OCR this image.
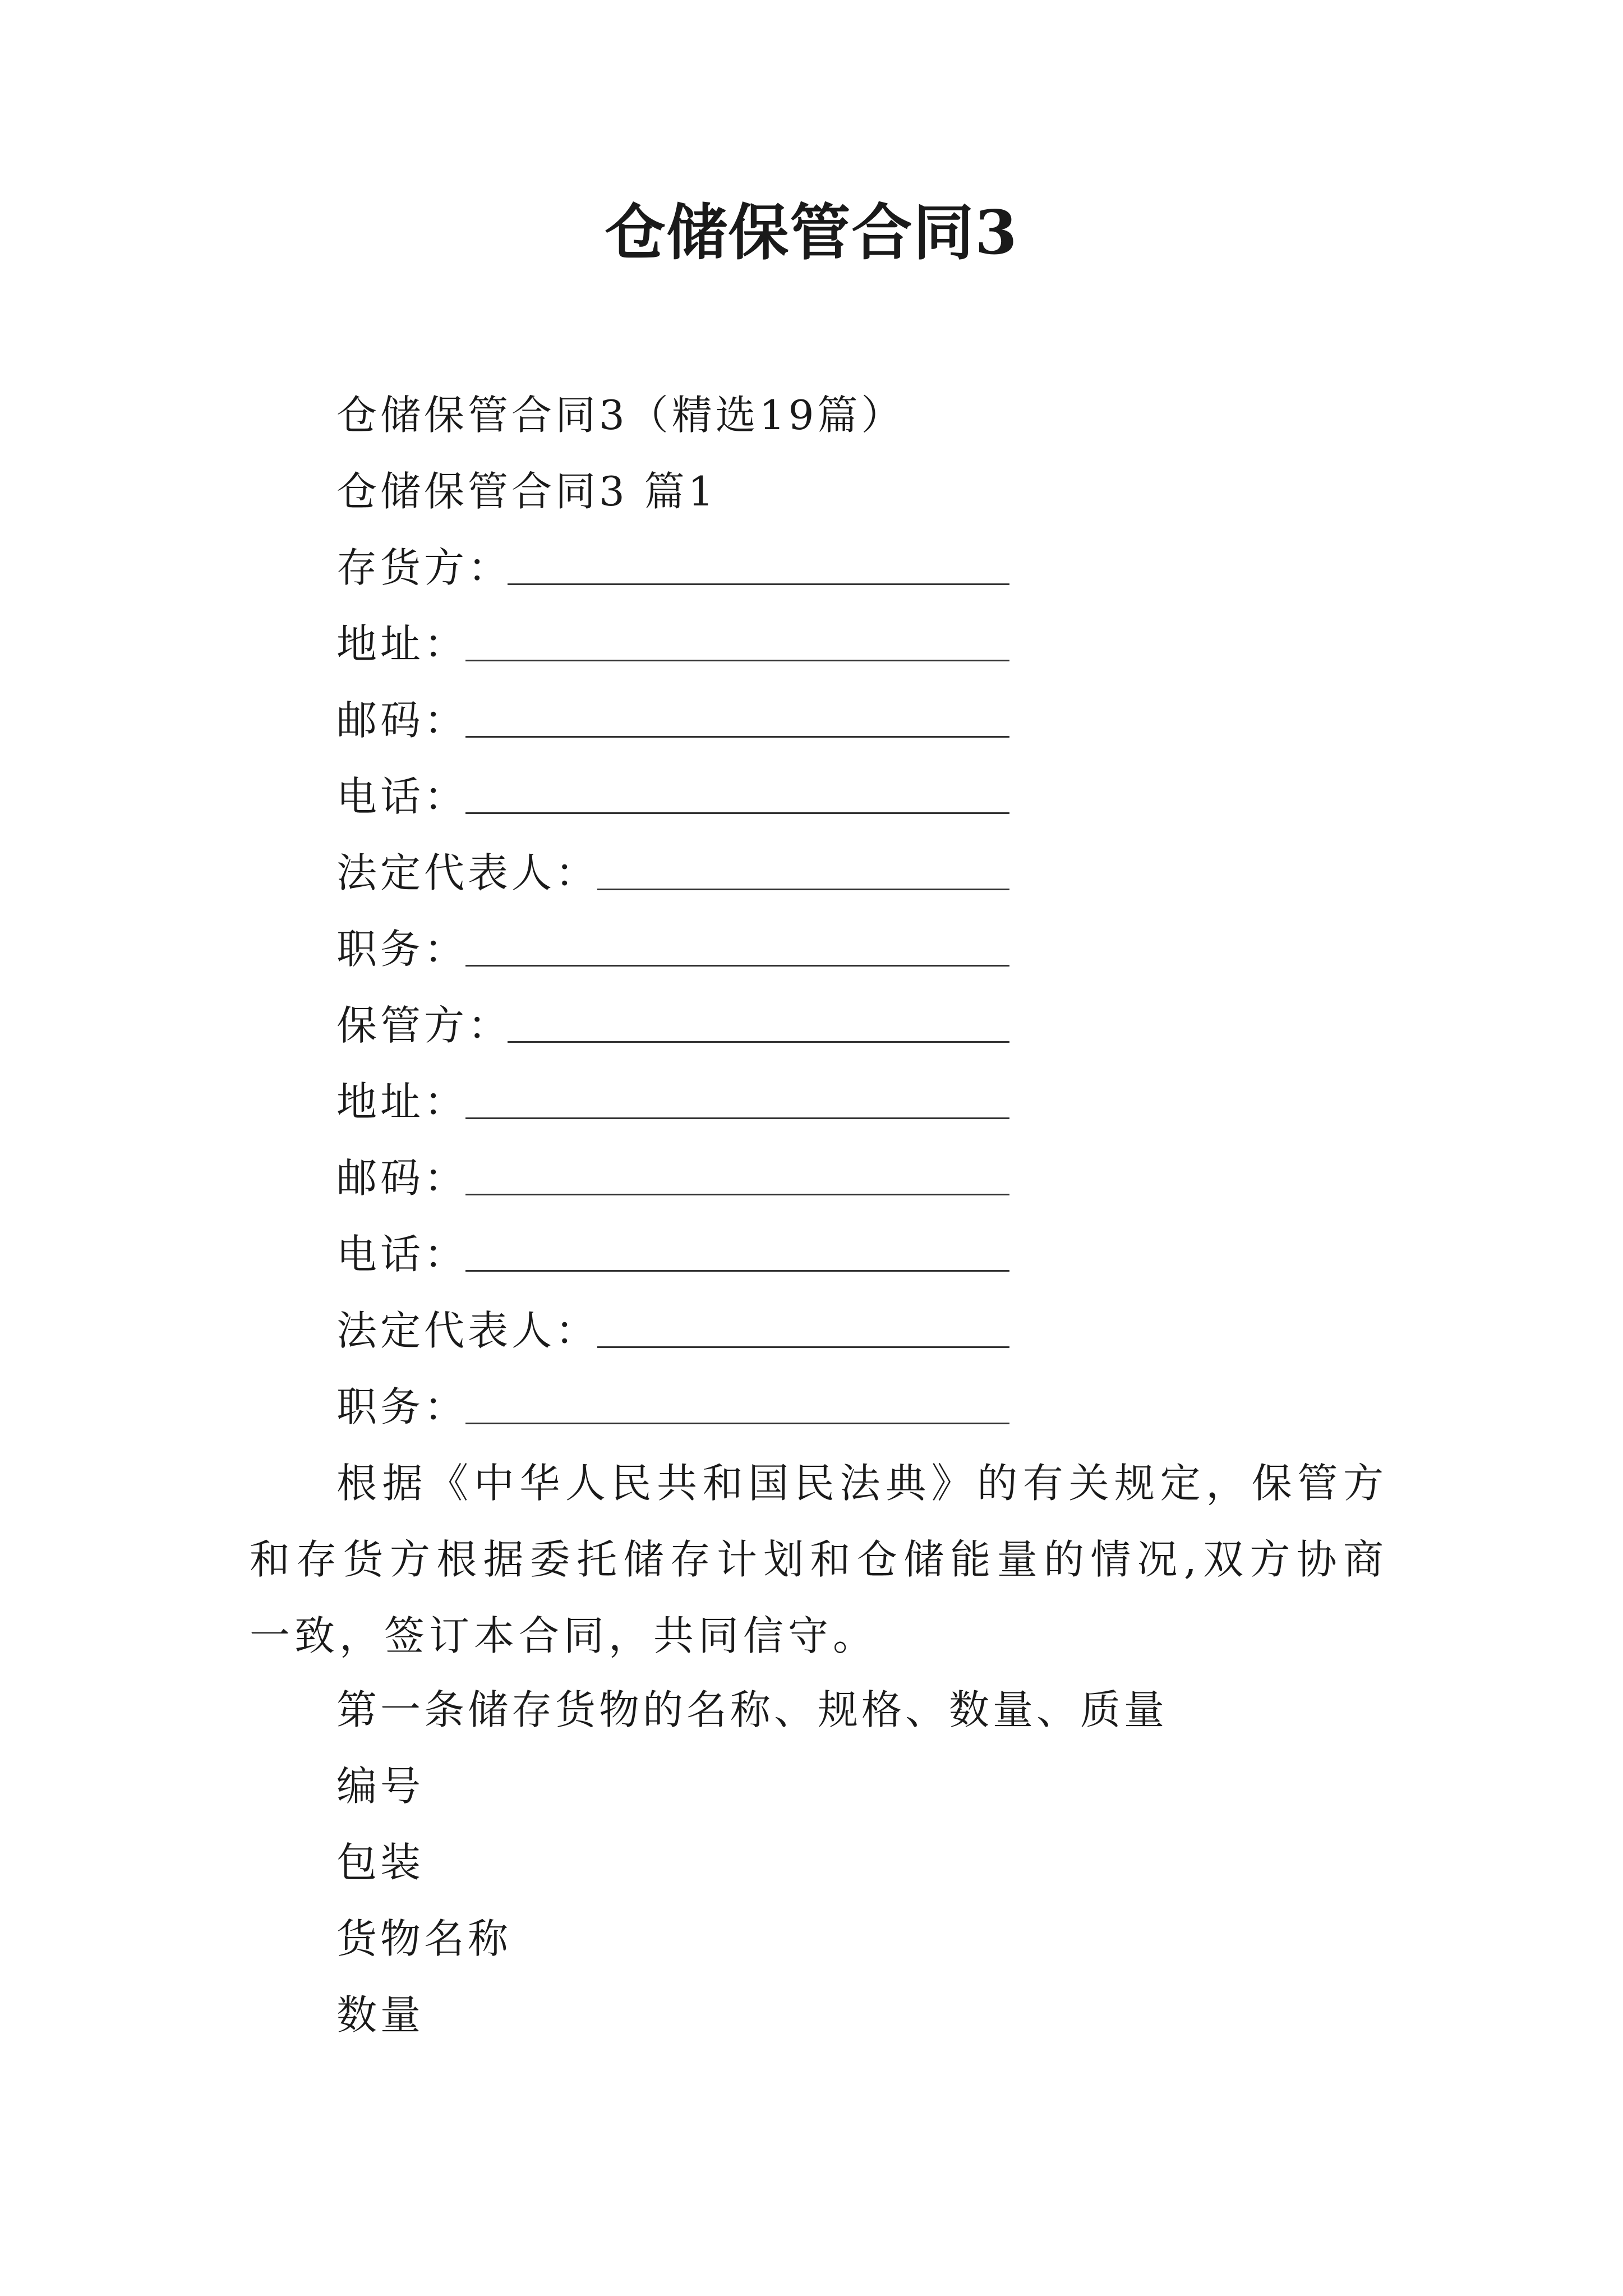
仓储保管合同3
仓储保管合同3（精选19篇）
仓储保管合同3 篇1
存货方：
地址：
邮码：
电话：
法定代表人：
职务：
保管方：
地址：
邮码：
电话：
法定代表人：
职务：
根据《中华人民共和国民法典》的有关规定，保管方和存货方根据委托储存计划和仓储能量的情况,双方协商一致，签订本合同，共同信守。
第一条储存货物的名称、规格、数量、质量
编号
包装
货物名称
数量
